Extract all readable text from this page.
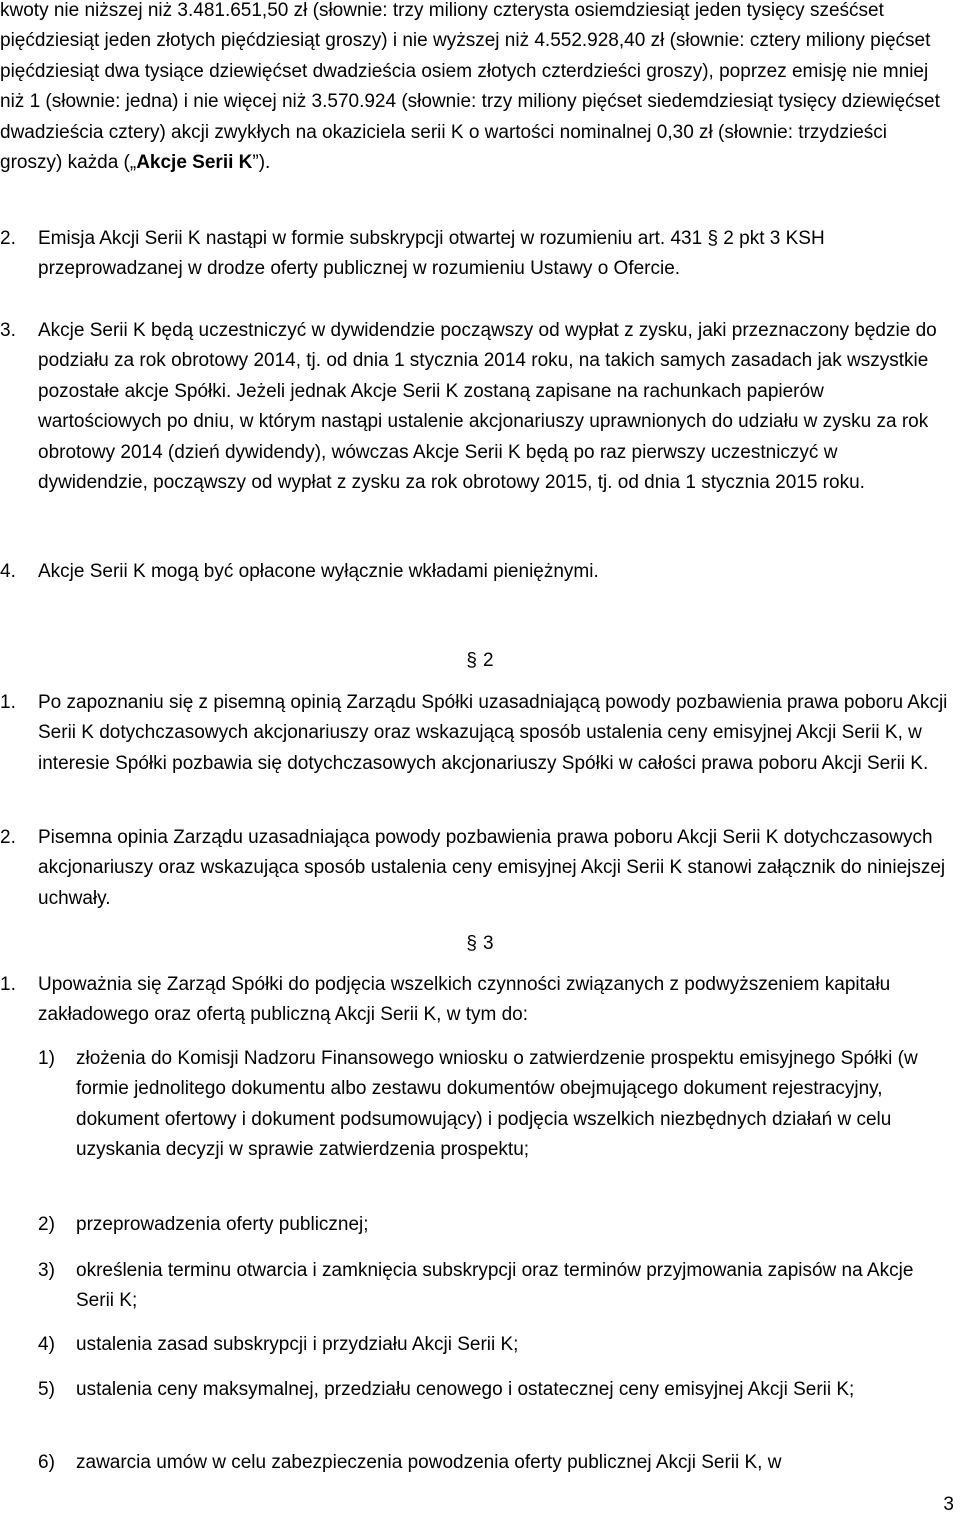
kwoty nie niższej niż 3.481.651,50 zł (słownie: trzy miliony czterysta osiemdziesiąt jeden tysięcy sześćset pięćdziesiąt jeden złotych pięćdziesiąt groszy) i nie wyższej niż 4.552.928,40 zł (słownie: cztery miliony pięćset pięćdziesiąt dwa tysiące dziewięćset dwadzieścia osiem złotych czterdzieści groszy), poprzez emisję nie mniej niż 1 (słownie: jedna) i nie więcej niż 3.570.924 (słownie: trzy miliony pięćset siedemdziesiąt tysięcy dziewięćset dwadzieścia cztery) akcji zwykłych na okaziciela serii K o wartości nominalnej 0,30 zł (słownie: trzydzieści groszy) każda („Akcje Serii K”).

2. Emisja Akcji Serii K nastąpi w formie subskrypcji otwartej w rozumieniu art. 431 § 2 pkt 3 KSH przeprowadzanej w drodze oferty publicznej w rozumieniu Ustawy o Ofercie.

3. Akcje Serii K będą uczestniczyć w dywidendzie począwszy od wypłat z zysku, jaki przeznaczony będzie do podziału za rok obrotowy 2014, tj. od dnia 1 stycznia 2014 roku, na takich samych zasadach jak wszystkie pozostałe akcje Spółki. Jeżeli jednak Akcje Serii K zostaną zapisane na rachunkach papierów wartościowych po dniu, w którym nastąpi ustalenie akcjonariuszy uprawnionych do udziału w zysku za rok obrotowy 2014 (dzień dywidendy), wówczas Akcje Serii K będą po raz pierwszy uczestniczyć w dywidendzie, począwszy od wypłat z zysku za rok obrotowy 2015, tj. od dnia 1 stycznia 2015 roku.

4. Akcje Serii K mogą być opłacone wyłącznie wkładami pieniężnymi.

§ 2
1. Po zapoznaniu się z pisemną opinią Zarządu Spółki uzasadniającą powody pozbawienia prawa poboru Akcji Serii K dotychczasowych akcjonariuszy oraz wskazującą sposób ustalenia ceny emisyjnej Akcji Serii K, w interesie Spółki pozbawia się dotychczasowych akcjonariuszy Spółki w całości prawa poboru Akcji Serii K.

2. Pisemna opinia Zarządu uzasadniająca powody pozbawienia prawa poboru Akcji Serii K dotychczasowych akcjonariuszy oraz wskazująca sposób ustalenia ceny emisyjnej Akcji Serii K stanowi załącznik do niniejszej uchwały.

§ 3
1. Upoważnia się Zarząd Spółki do podjęcia wszelkich czynności związanych z podwyższeniem kapitału zakładowego oraz ofertą publiczną Akcji Serii K, w tym do:

1) złożenia do Komisji Nadzoru Finansowego wniosku o zatwierdzenie prospektu emisyjnego Spółki (w formie jednolitego dokumentu albo zestawu dokumentów obejmującego dokument rejestracyjny, dokument ofertowy i dokument podsumowujący) i podjęcia wszelkich niezbędnych działań w celu uzyskania decyzji w sprawie zatwierdzenia prospektu;

2) przeprowadzenia oferty publicznej;

3) określenia terminu otwarcia i zamknięcia subskrypcji oraz terminów przyjmowania zapisów na Akcje Serii K;

4) ustalenia zasad subskrypcji i przydziału Akcji Serii K;

5) ustalenia ceny maksymalnej, przedziału cenowego i ostatecznej ceny emisyjnej Akcji Serii K;

6) zawarcia umów w celu zabezpieczenia powodzenia oferty publicznej Akcji Serii K, w

3
